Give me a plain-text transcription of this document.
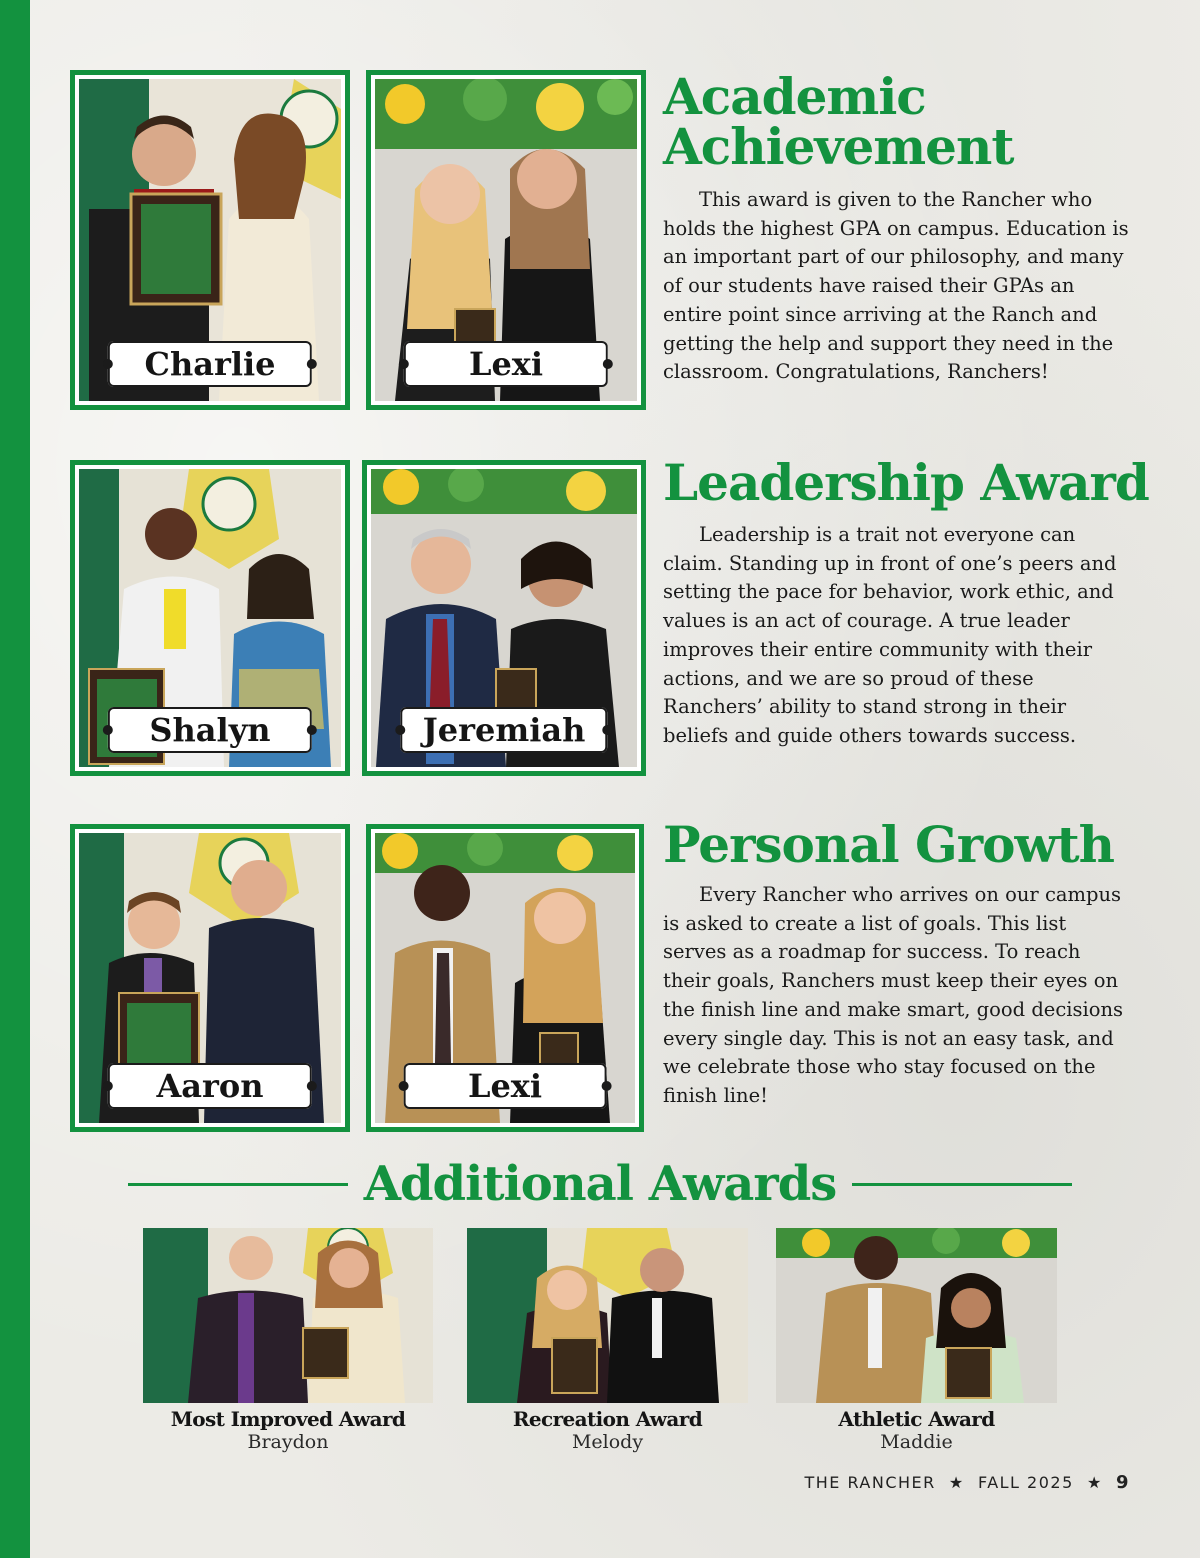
Charlie	Lexi
Academic
Achievement

This award is given to the Rancher who holds the highest GPA on campus. Education is an important part of our philosophy, and many of our students have raised their GPAs an entire point since arriving at the Ranch and getting the help and support they need in the classroom. Congratulations, Ranchers!

Shalyn	Jeremiah
Leadership Award

Leadership is a trait not everyone can claim. Standing up in front of one’s peers and setting the pace for behavior, work ethic, and values is an act of courage. A true leader improves their entire community with their actions, and we are so proud of these Ranchers’ ability to stand strong in their beliefs and guide others towards success.

Aaron	Lexi
Personal Growth

Every Rancher who arrives on our campus is asked to create a list of goals. This list serves as a roadmap for success. To reach their goals, Ranchers must keep their eyes on the finish line and make smart, good decisions every single day. This is not an easy task, and we celebrate those who stay focused on the finish line!

Additional Awards
Most Improved Award
Braydon
Recreation Award
Melody
Athletic Award
Maddie
THE RANCHER  ★  FALL 2025  ★  9
